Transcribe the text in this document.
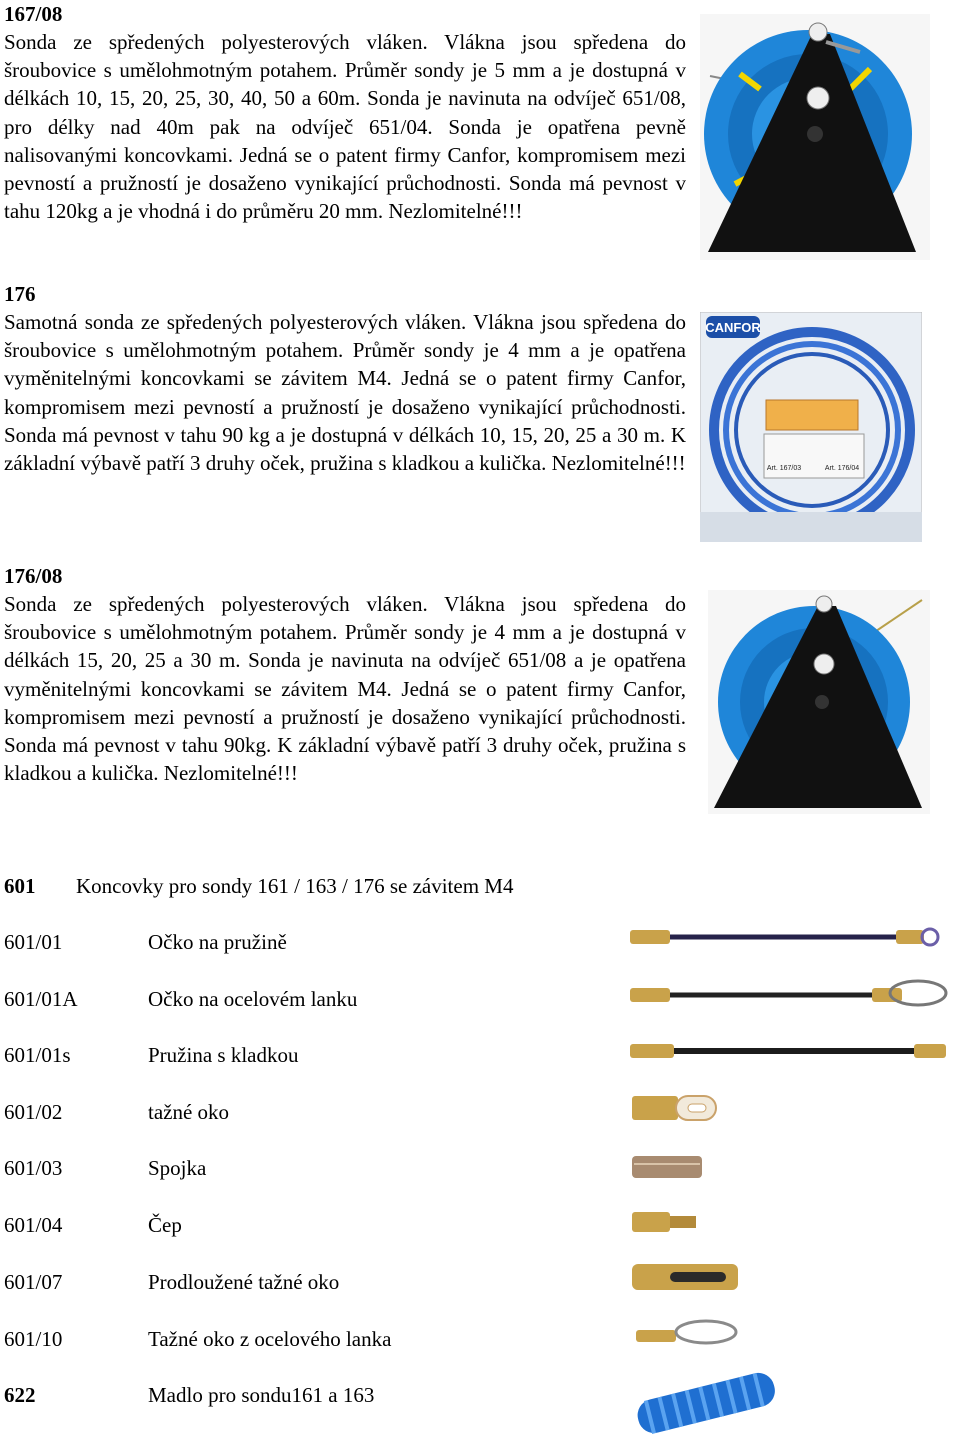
167/08

Sonda ze spředených polyesterových vláken. Vlákna jsou spředena do šroubovice s umělohmotným potahem. Průměr sondy je 5 mm a je dostupná v délkách 10, 15, 20, 25, 30, 40, 50 a 60m. Sonda je navinuta na odvíječ 651/08, pro délky nad 40m pak na odvíječ 651/04. Sonda je opatřena pevně nalisovanými koncovkami. Jedná se o patent firmy Canfor, kompromisem mezi pevností a pružností je dosaženo vynikající průchodnosti. Sonda má pevnost v tahu 120kg a je vhodná i do průměru 20 mm. Nezlomitelné!!!

176

Samotná sonda ze spředených polyesterových vláken. Vlákna jsou spředena do šroubovice s umělohmotným potahem. Průměr sondy je 4 mm a je opatřena vyměnitelnými koncovkami se závitem M4. Jedná se o patent firmy Canfor, kompromisem mezi pevností a pružností je dosaženo vynikající průchodnosti. Sonda má pevnost v tahu 90 kg a je dostupná v délkách 10, 15, 20, 25 a 30 m. K základní výbavě patří 3 druhy oček, pružina s kladkou a kulička. Nezlomitelné!!!

176/08

Sonda ze spředených polyesterových vláken. Vlákna jsou spředena do šroubovice s umělohmotným potahem. Průměr sondy je 4 mm a je dostupná v délkách 15, 20, 25 a 30 m. Sonda je navinuta na odvíječ 651/08 a je opatřena vyměnitelnými koncovkami se závitem M4. Jedná se o patent firmy Canfor, kompromisem mezi pevností a pružností je dosaženo vynikající průchodnosti. Sonda má pevnost v tahu 90kg. K základní výbavě patří 3 druhy oček, pružina s kladkou a kulička. Nezlomitelné!!!

CANFOR
Art. 167/03	Art. 176/04
601 Koncovky pro sondy 161 / 163 / 176 se závitem M4
601/01	Očko na pružině
601/01A	Očko na ocelovém lanku
601/01s	Pružina s kladkou
601/02	tažné oko
601/03	Spojka
601/04	Čep
601/07	Prodloužené tažné oko
601/10	Tažné oko z ocelového lanka
622	Madlo pro sondu161 a 163
